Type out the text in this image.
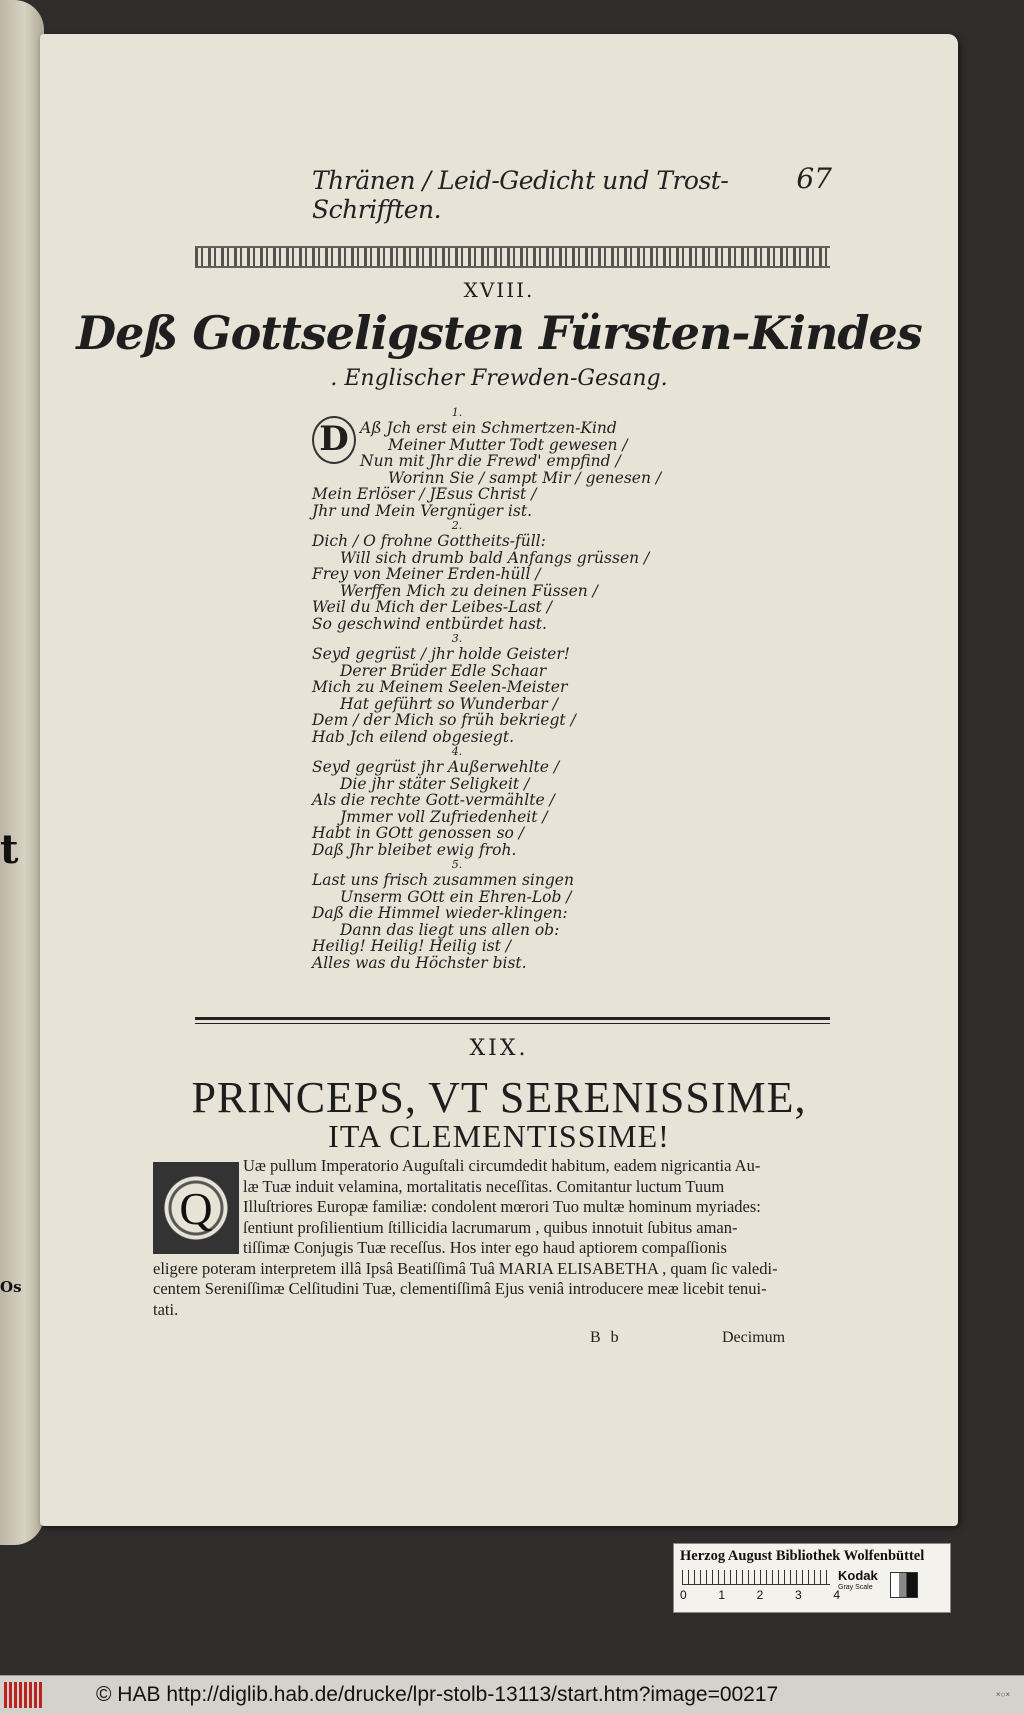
t
Os
Thränen / Leid-Gedicht und Trost-Schrifften.
67
XVIII.
Deß Gottseligsten Fürsten-Kindes
. Englischer Frewden-Gesang.
1.
D Aß Jch erst ein Schmertzen-Kind
Meiner Mutter Todt gewesen /
Nun mit Jhr die Frewd' empfind /
Worinn Sie / sampt Mir / genesen /
Mein Erlöser / JEsus Christ /
Jhr und Mein Vergnüger ist.
2.
Dich / O frohne Gottheits-füll:
Will sich drumb bald Anfangs grüssen /
Frey von Meiner Erden-hüll /
Werffen Mich zu deinen Füssen /
Weil du Mich der Leibes-Last /
So geschwind entbürdet hast.
3.
Seyd gegrüst / jhr holde Geister!
Derer Brüder Edle Schaar
Mich zu Meinem Seelen-Meister
Hat geführt so Wunderbar /
Dem / der Mich so früh bekriegt /
Hab Jch eilend obgesiegt.
4.
Seyd gegrüst jhr Außerwehlte /
Die jhr stäter Seligkeit /
Als die rechte Gott-vermählte /
Jmmer voll Zufriedenheit /
Habt in GOtt genossen so /
Daß Jhr bleibet ewig froh.
5.
Last uns frisch zusammen singen
Unserm GOtt ein Ehren-Lob /
Daß die Himmel wieder-klingen:
Dann das liegt uns allen ob:
Heilig! Heilig! Heilig ist /
Alles was du Höchster bist.
XIX.
PRINCEPS, VT SERENISSIME,
ITA CLEMENTISSIME!
Q
Uæ pullum Imperatorio Auguſtali circumdedit habitum, eadem nigricantia Au-
læ Tuæ induit velamina, mortalitatis neceſſitas. Comitantur luctum Tuum
Illuſtriores Europæ familiæ: condolent mœrori Tuo multæ hominum myriades:
ſentiunt proſilientium ſtillicidia lacrumarum , quibus innotuit ſubitus aman-
tiſſimæ Conjugis Tuæ receſſus. Hos inter ego haud aptiorem compaſſionis
eligere poteram interpretem illâ Ipsâ Beatiſſimâ Tuâ MARIA ELISABETHA , quam ſic valedi-
centem Sereniſſimæ Celſitudini Tuæ, clementiſſimâ Ejus veniâ introducere meæ licebit tenui-
tati.
B b	Decimum
Herzog August Bibliothek Wolfenbüttel
0	1	2	3	4
Kodak
Gray Scale
© HAB http://diglib.hab.de/drucke/lpr-stolb-13113/start.htm?image=00217	×○×
